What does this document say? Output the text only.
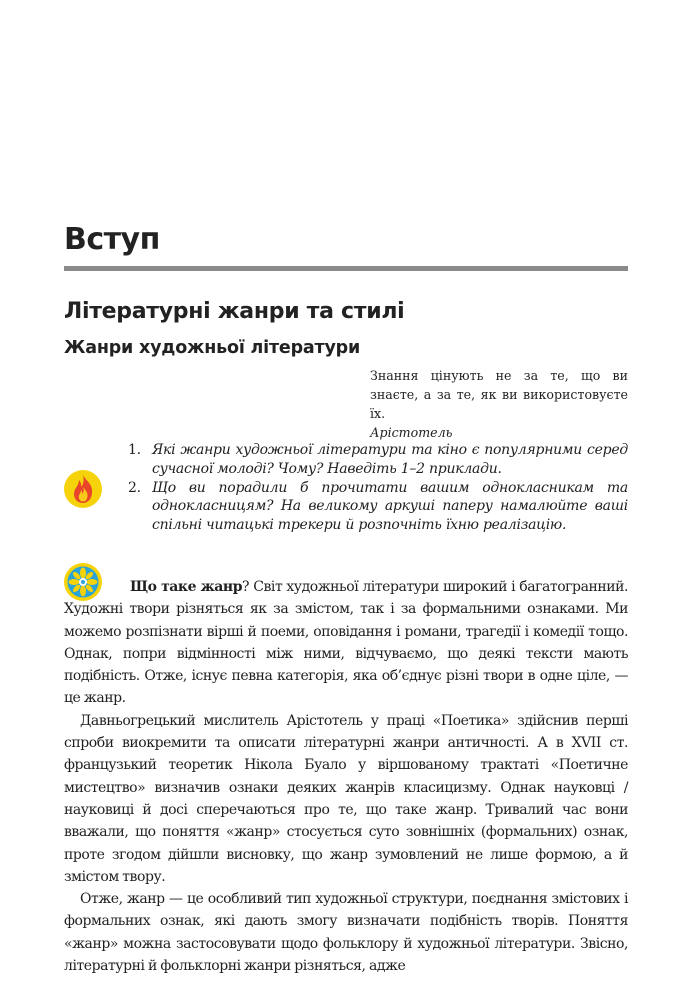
Вступ
Літературні жанри та стилі
Жанри художньої літератури
Знання цінують не за те, що ви знаєте, а за те, як ви використовуєте їх.
Арістотель
1. Які жанри художньої літератури та кіно є популярними серед сучасної молоді? Чому? Наведіть 1–2 приклади.
2. Що ви порадили б прочитати вашим однокласникам та однокласницям? На великому аркуші паперу намалюйте ваші спільні читацькі трекери й розпочніть їхню реалізацію.

Що таке жанр? Світ художньої літератури широкий і багатогранний. Художні твори різняться як за змістом, так і за формальними ознаками. Ми можемо розпізнати вірші й поеми, оповідання і романи, трагедії і комедії тощо. Однак, попри відмінності між ними, відчуваємо, що деякі тексти мають подібність. Отже, існує певна категорія, яка об’єднує різні твори в одне ціле, — це жанр.

Давньогрецький мислитель Арістотель у праці «Поетика» здійснив перші спроби виокремити та описати літературні жанри античності. А в XVII ст. французький теоретик Нікола Буало у віршованому трактаті «Поетичне мистецтво» визначив ознаки деяких жанрів класицизму. Однак науковці / науковиці й досі сперечаються про те, що таке жанр. Тривалий час вони вважали, що поняття «жанр» стосується суто зовнішніх (формальних) ознак, проте згодом дійшли висновку, що жанр зумовлений не лише формою, а й змістом твору.

Отже, жанр — це особливий тип художньої структури, поєднання змістових і формальних ознак, які дають змогу визначати подібність творів. Поняття «жанр» можна застосовувати щодо фольклору й художньої літератури. Звісно, літературні й фольклорні жанри різняться, адже
